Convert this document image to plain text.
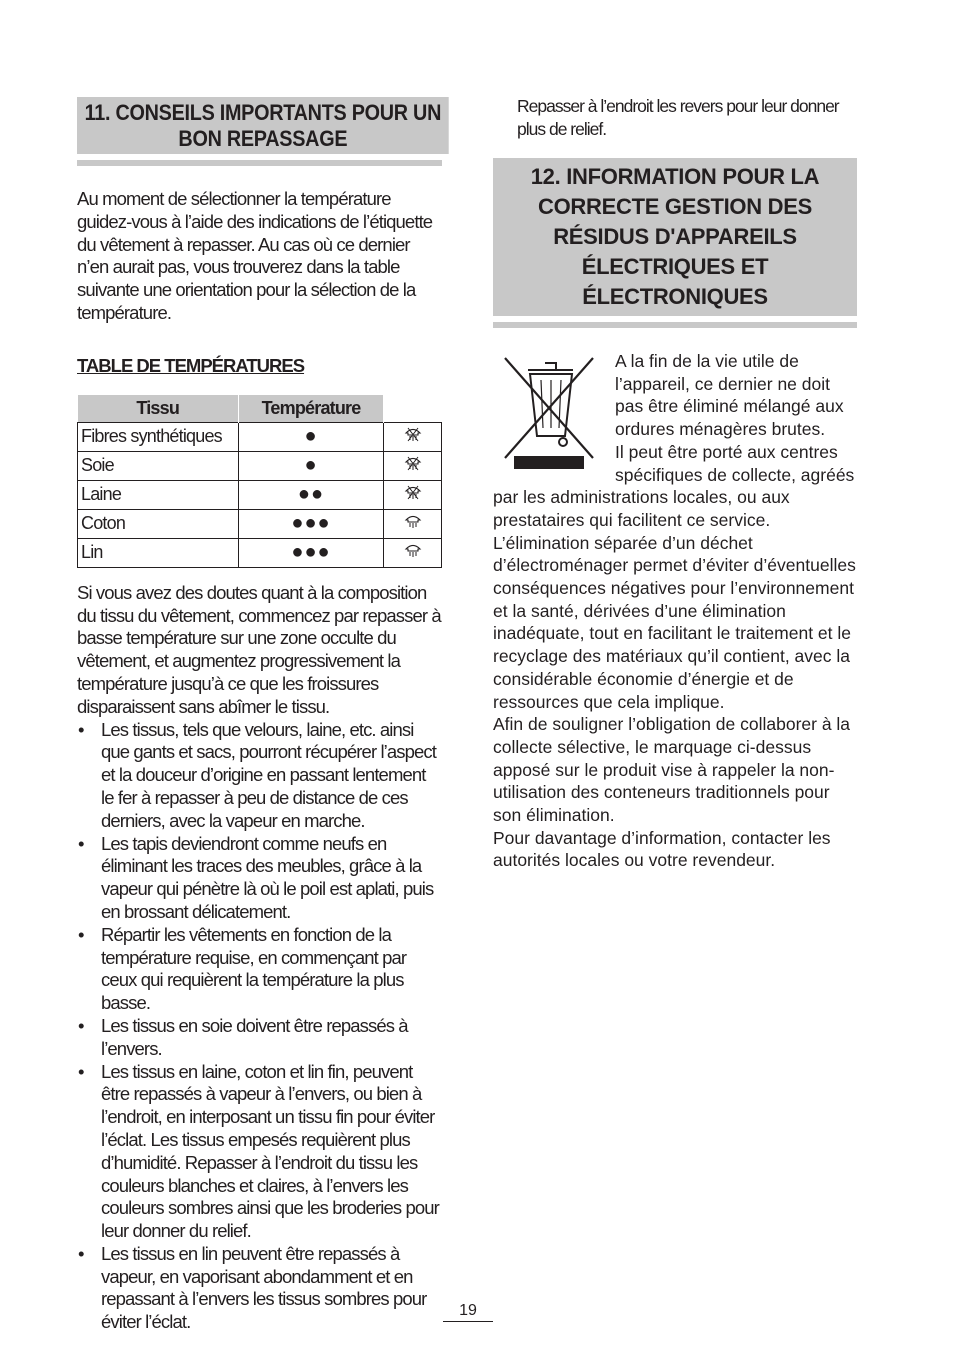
11. CONSEILS IMPORTANTS POUR UN BON REPASSAGE

Au moment de sélectionner la température guidez-vous à l’aide des indications de l’étiquette du vêtement à repasser. Au cas où ce dernier n’en aurait pas, vous trouverez dans la table suivante une orientation pour la sélection de la température.

TABLE DE TEMPÉRATURES
Tissu	Température	
Fibres synthétiques	●	
Soie	●	
Laine	●●	
Coton	●●●	
Lin	●●●	

Si vous avez des doutes quant à la composition du tissu du vêtement, commencez par repasser à basse température sur une zone occulte du vêtement, et augmentez progressivement la température jusqu’à ce que les froissures disparaissent sans abîmer le tissu.

• Les tissus, tels que velours, laine, etc. ainsi que gants et sacs, pourront récupérer l’aspect et la douceur d’origine en passant lentement le fer à repasser à peu de distance de ces derniers, avec la vapeur en marche.
• Les tapis deviendront comme neufs en éliminant les traces des meubles, grâce à la vapeur qui pénètre là où le poil est aplati, puis en brossant délicatement.
• Répartir les vêtements en fonction de la température requise, en commençant par ceux qui requièrent la température la plus basse.
• Les tissus en soie doivent être repassés à l’envers.
• Les tissus en laine, coton et lin fin, peuvent être repassés à vapeur à l’envers, ou bien à l’endroit, en interposant un tissu fin pour éviter l’éclat. Les tissus empesés requièrent plus d’humidité. Repasser à l’endroit du tissu les couleurs blanches et claires, à l’envers les couleurs sombres ainsi que les broderies pour leur donner du relief.
• Les tissus en lin peuvent être repassés à vapeur, en vaporisant abondamment et en repassant à l’envers les tissus sombres pour éviter l’éclat.

Repasser à l’endroit les revers pour leur donner plus de relief.

12. INFORMATION POUR LA CORRECTE GESTION DES RÉSIDUS D'APPAREILS ÉLECTRIQUES ET ÉLECTRONIQUES

A la fin de la vie utile de l’appareil, ce dernier ne doit pas être éliminé mélangé aux ordures ménagères brutes.

Il peut être porté aux centres spécifiques de collecte, agréés par les administrations locales, ou aux prestataires qui facilitent ce service.

L’élimination séparée d’un déchet d’électroménager permet d’éviter d’éventuelles conséquences négatives pour l’environnement et la santé, dérivées d’une élimination inadéquate, tout en facilitant le traitement et le recyclage des matériaux qu’il contient, avec la considérable économie d’énergie et de ressources que cela implique.

Afin de souligner l’obligation de collaborer à la collecte sélective, le marquage ci-dessus apposé sur le produit vise à rappeler la non-utilisation des conteneurs traditionnels pour son élimination.

Pour davantage d’information, contacter les autorités locales ou votre revendeur.

19
